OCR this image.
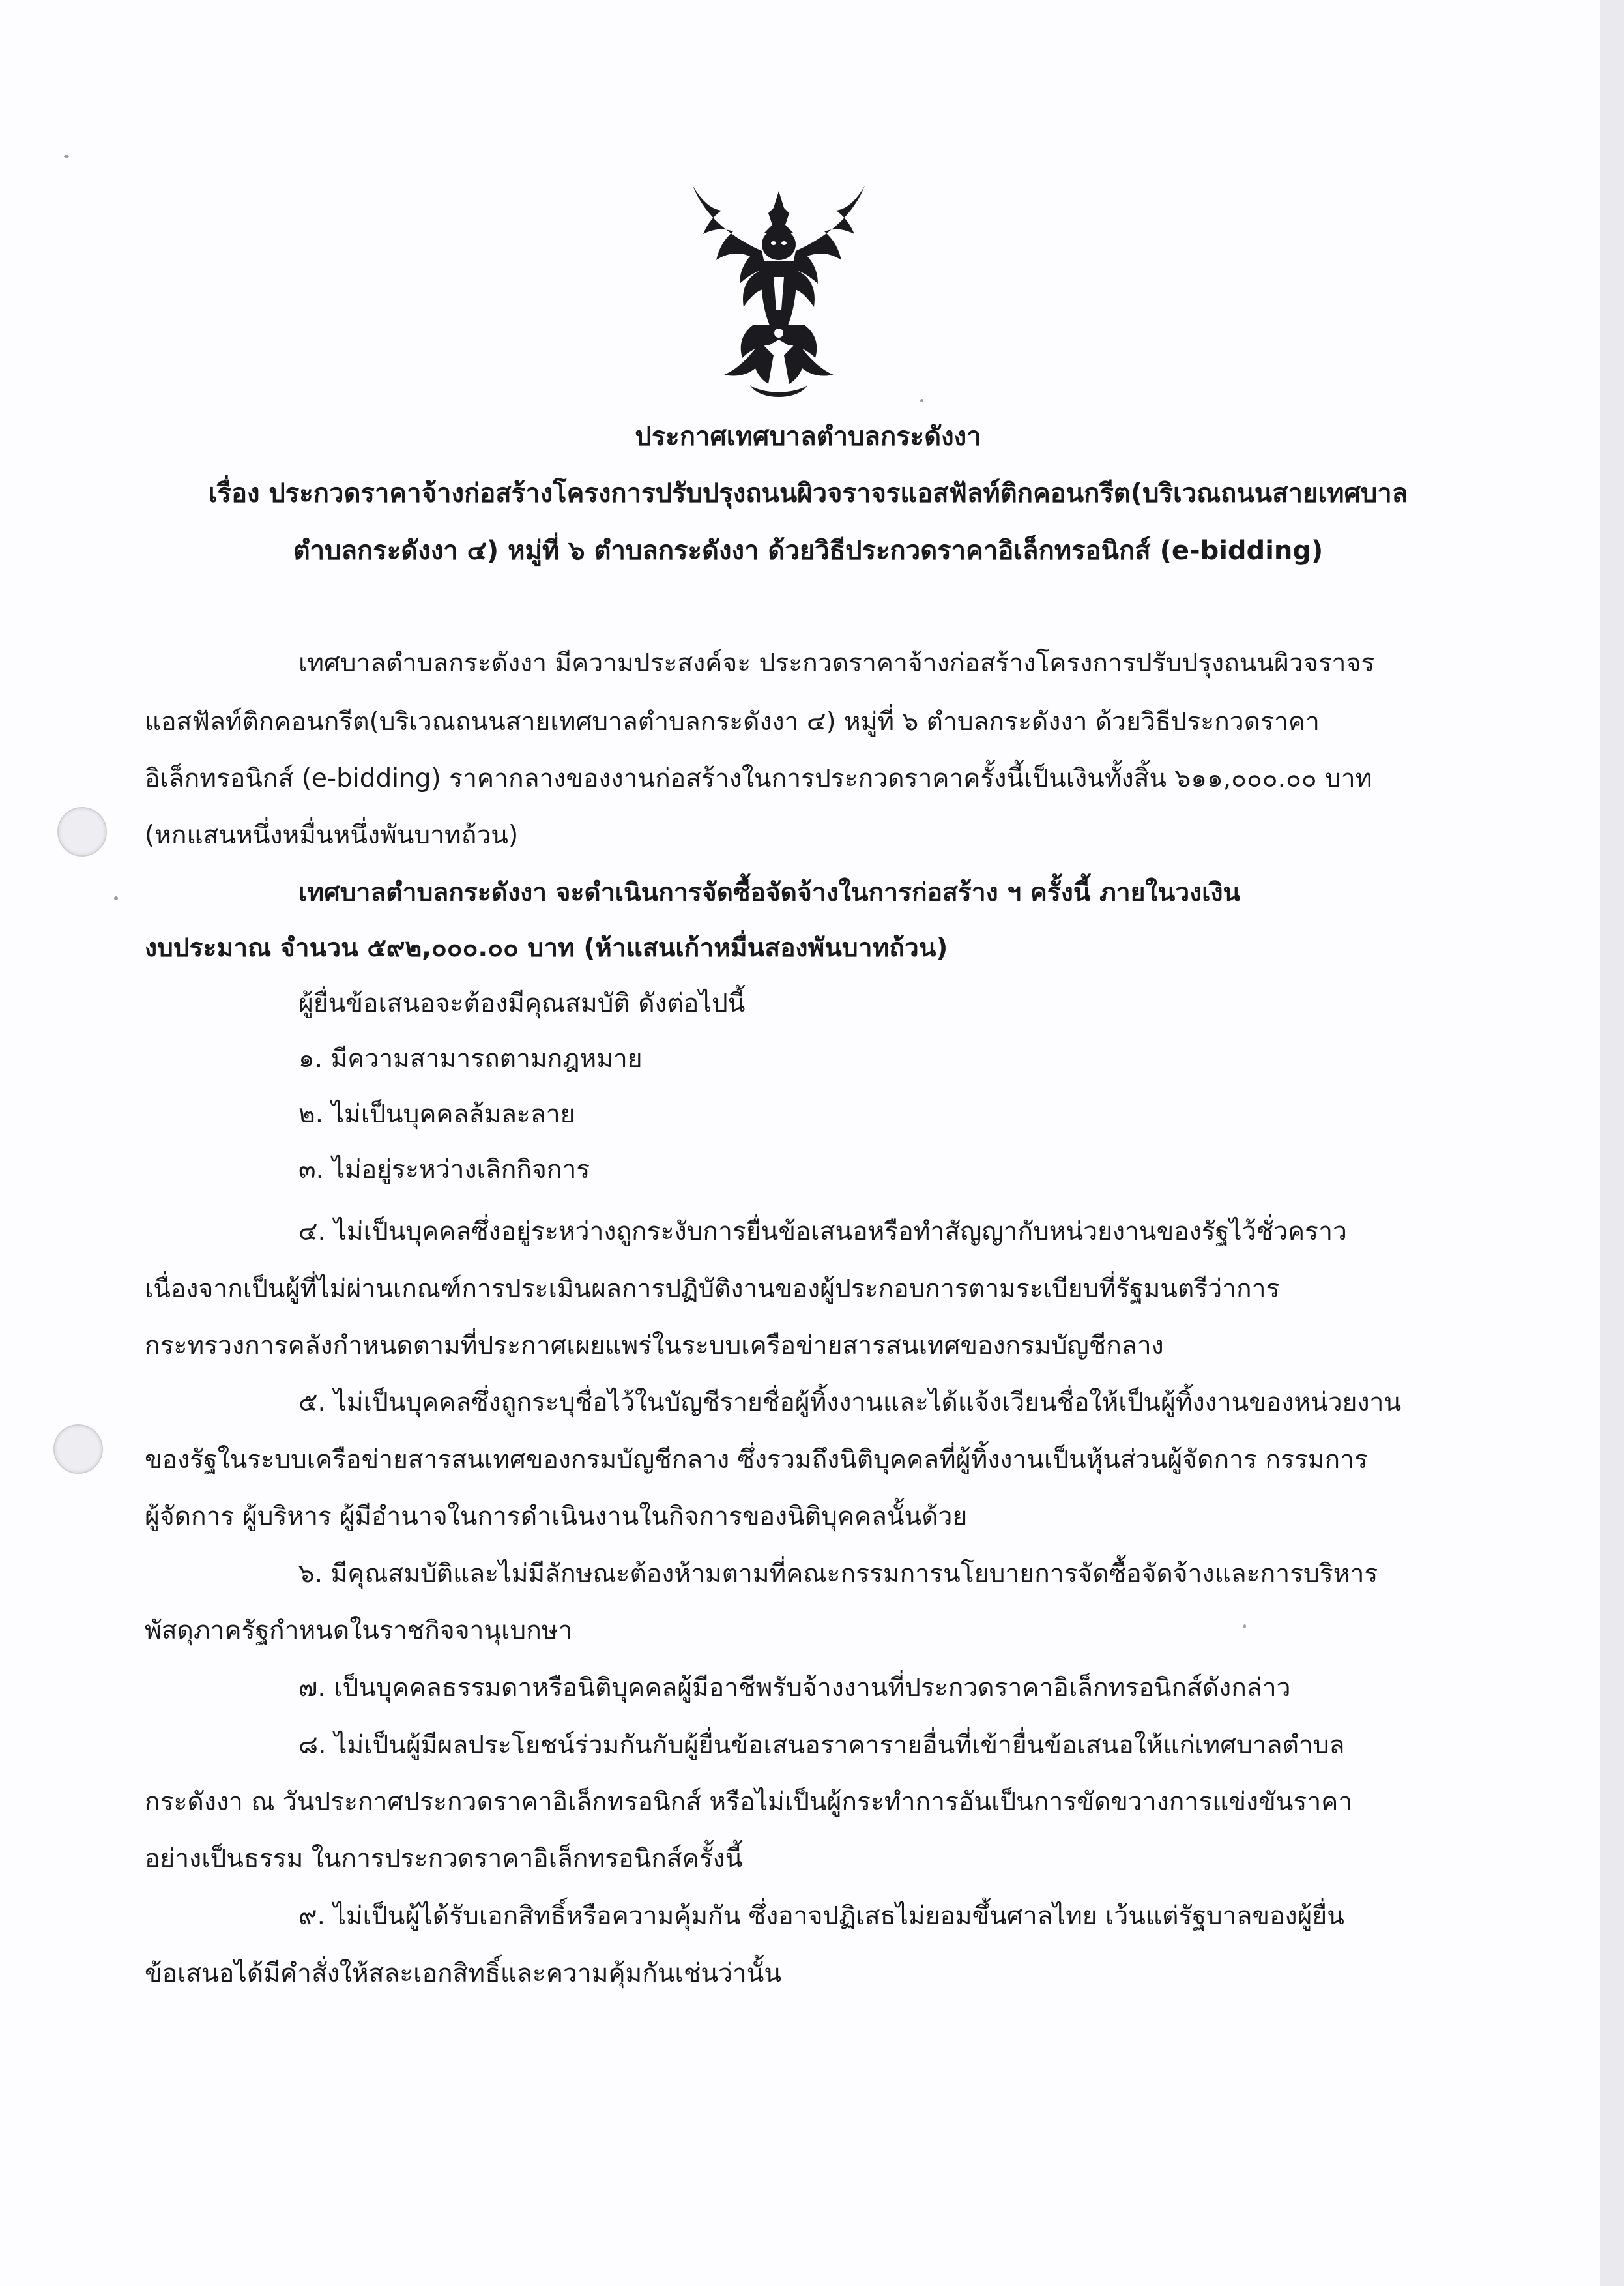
ประกาศเทศบาลตำบลกระดังงา
เรื่อง ประกวดราคาจ้างก่อสร้างโครงการปรับปรุงถนนผิวจราจรแอสฟัลท์ติกคอนกรีต(บริเวณถนนสายเทศบาล
ตำบลกระดังงา ๔) หมู่ที่ ๖ ตำบลกระดังงา ด้วยวิธีประกวดราคาอิเล็กทรอนิกส์ (e-bidding)
เทศบาลตำบลกระดังงา มีความประสงค์จะ ประกวดราคาจ้างก่อสร้างโครงการปรับปรุงถนนผิวจราจร
แอสฟัลท์ติกคอนกรีต(บริเวณถนนสายเทศบาลตำบลกระดังงา ๔) หมู่ที่ ๖ ตำบลกระดังงา ด้วยวิธีประกวดราคา
อิเล็กทรอนิกส์ (e-bidding) ราคากลางของงานก่อสร้างในการประกวดราคาครั้งนี้เป็นเงินทั้งสิ้น ๖๑๑,๐๐๐.๐๐ บาท
(หกแสนหนึ่งหมื่นหนึ่งพันบาทถ้วน)
เทศบาลตำบลกระดังงา จะดำเนินการจัดซื้อจัดจ้างในการก่อสร้าง ฯ ครั้งนี้ ภายในวงเงิน
งบประมาณ จำนวน ๕๙๒,๐๐๐.๐๐ บาท (ห้าแสนเก้าหมื่นสองพันบาทถ้วน)
ผู้ยื่นข้อเสนอจะต้องมีคุณสมบัติ ดังต่อไปนี้
๑. มีความสามารถตามกฎหมาย
๒. ไม่เป็นบุคคลล้มละลาย
๓. ไม่อยู่ระหว่างเลิกกิจการ
๔. ไม่เป็นบุคคลซึ่งอยู่ระหว่างถูกระงับการยื่นข้อเสนอหรือทำสัญญากับหน่วยงานของรัฐไว้ชั่วคราว
เนื่องจากเป็นผู้ที่ไม่ผ่านเกณฑ์การประเมินผลการปฏิบัติงานของผู้ประกอบการตามระเบียบที่รัฐมนตรีว่าการ
กระทรวงการคลังกำหนดตามที่ประกาศเผยแพร่ในระบบเครือข่ายสารสนเทศของกรมบัญชีกลาง
๕. ไม่เป็นบุคคลซึ่งถูกระบุชื่อไว้ในบัญชีรายชื่อผู้ทิ้งงานและได้แจ้งเวียนชื่อให้เป็นผู้ทิ้งงานของหน่วยงาน
ของรัฐในระบบเครือข่ายสารสนเทศของกรมบัญชีกลาง ซึ่งรวมถึงนิติบุคคลที่ผู้ทิ้งงานเป็นหุ้นส่วนผู้จัดการ กรรมการ
ผู้จัดการ ผู้บริหาร ผู้มีอำนาจในการดำเนินงานในกิจการของนิติบุคคลนั้นด้วย
๖. มีคุณสมบัติและไม่มีลักษณะต้องห้ามตามที่คณะกรรมการนโยบายการจัดซื้อจัดจ้างและการบริหาร
พัสดุภาครัฐกำหนดในราชกิจจานุเบกษา
๗. เป็นบุคคลธรรมดาหรือนิติบุคคลผู้มีอาชีพรับจ้างงานที่ประกวดราคาอิเล็กทรอนิกส์ดังกล่าว
๘. ไม่เป็นผู้มีผลประโยชน์ร่วมกันกับผู้ยื่นข้อเสนอราคารายอื่นที่เข้ายื่นข้อเสนอให้แก่เทศบาลตำบล
กระดังงา ณ วันประกาศประกวดราคาอิเล็กทรอนิกส์ หรือไม่เป็นผู้กระทำการอันเป็นการขัดขวางการแข่งขันราคา
อย่างเป็นธรรม ในการประกวดราคาอิเล็กทรอนิกส์ครั้งนี้
๙. ไม่เป็นผู้ได้รับเอกสิทธิ์หรือความคุ้มกัน ซึ่งอาจปฏิเสธไม่ยอมขึ้นศาลไทย เว้นแต่รัฐบาลของผู้ยื่น
ข้อเสนอได้มีคำสั่งให้สละเอกสิทธิ์และความคุ้มกันเช่นว่านั้น
